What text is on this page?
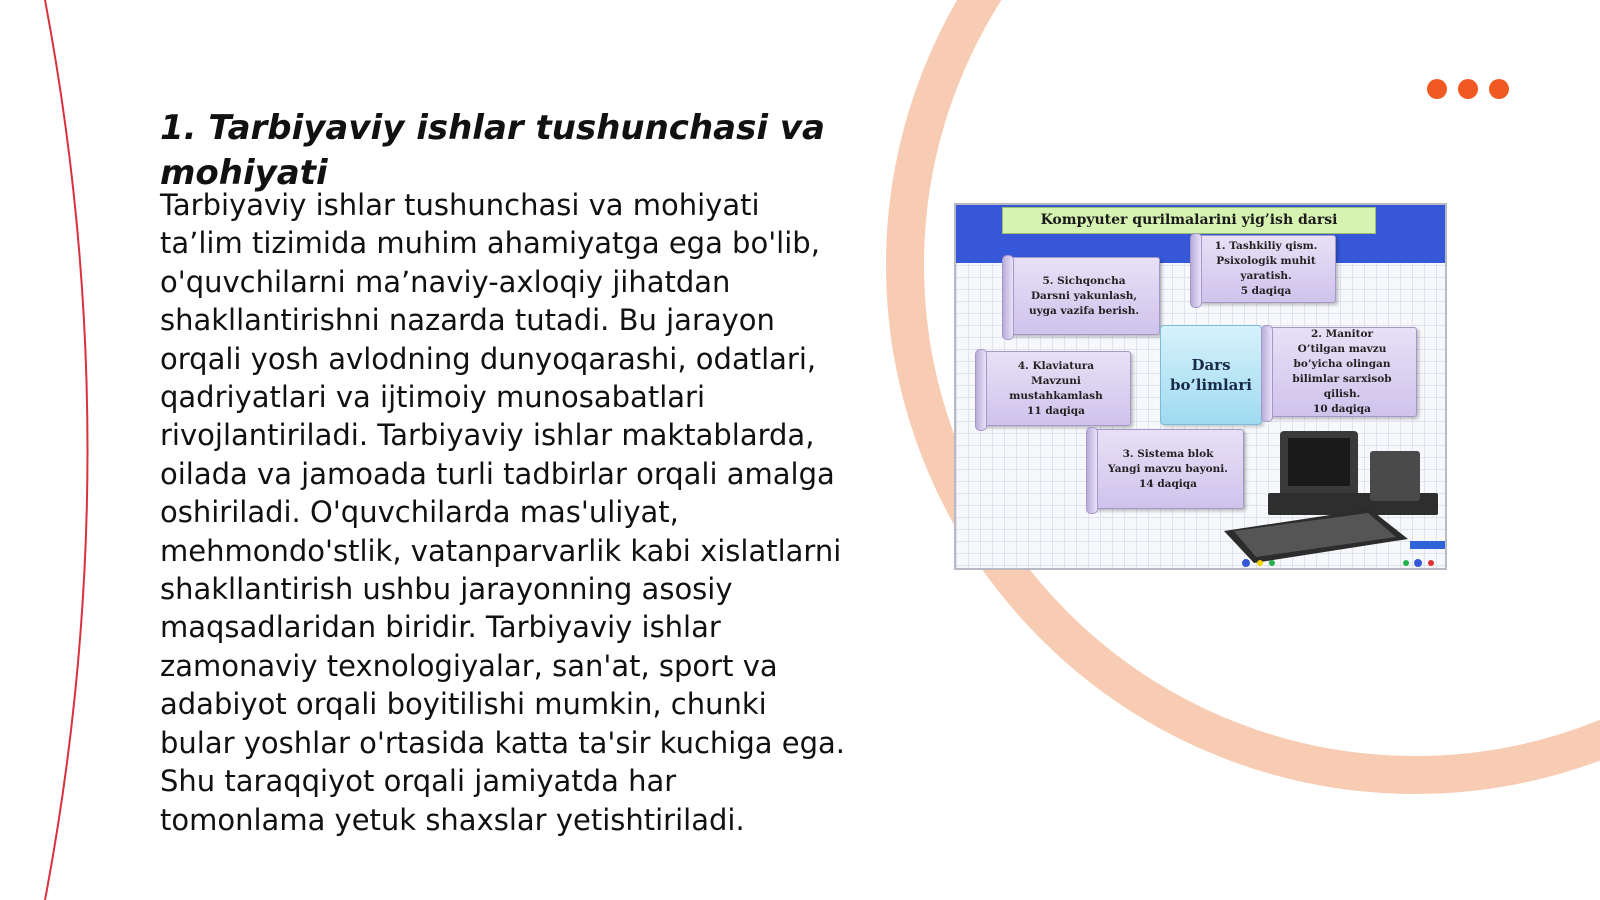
1. Tarbiyaviy ishlar tushunchasi va mohiyati

Tarbiyaviy ishlar tushunchasi va mohiyati ta’lim tizimida muhim ahamiyatga ega bo'lib, o'quvchilarni ma’naviy-axloqiy jihatdan shakllantirishni nazarda tutadi. Bu jarayon orqali yosh avlodning dunyoqarashi, odatlari, qadriyatlari va ijtimoiy munosabatlari rivojlantiriladi. Tarbiyaviy ishlar maktablarda, oilada va jamoada turli tadbirlar orqali amalga oshiriladi. O'quvchilarda mas'uliyat, mehmondo'stlik, vatanparvarlik kabi xislatlarni shakllantirish ushbu jarayonning asosiy maqsadlaridan biridir. Tarbiyaviy ishlar zamonaviy texnologiyalar, san'at, sport va adabiyot orqali boyitilishi mumkin, chunki bular yoshlar o'rtasida katta ta'sir kuchiga ega. Shu taraqqiyot orqali jamiyatda har tomonlama yetuk shaxslar yetishtiriladi.

Kompyuter qurilmalarini yig’ish darsi
5. Sichqoncha
Darsni yakunlash,
uyga vazifa berish.
1. Tashkiliy qism.
Psixologik muhit
yaratish.
5 daqiqa
4. Klaviatura
Mavzuni
mustahkamlash
11 daqiqa
Dars
bo’limlari
2. Manitor
O’tilgan mavzu
bo’yicha olingan
bilimlar sarxisob
qilish.
10 daqiqa
3. Sistema blok
Yangi mavzu bayoni.
14 daqiqa
